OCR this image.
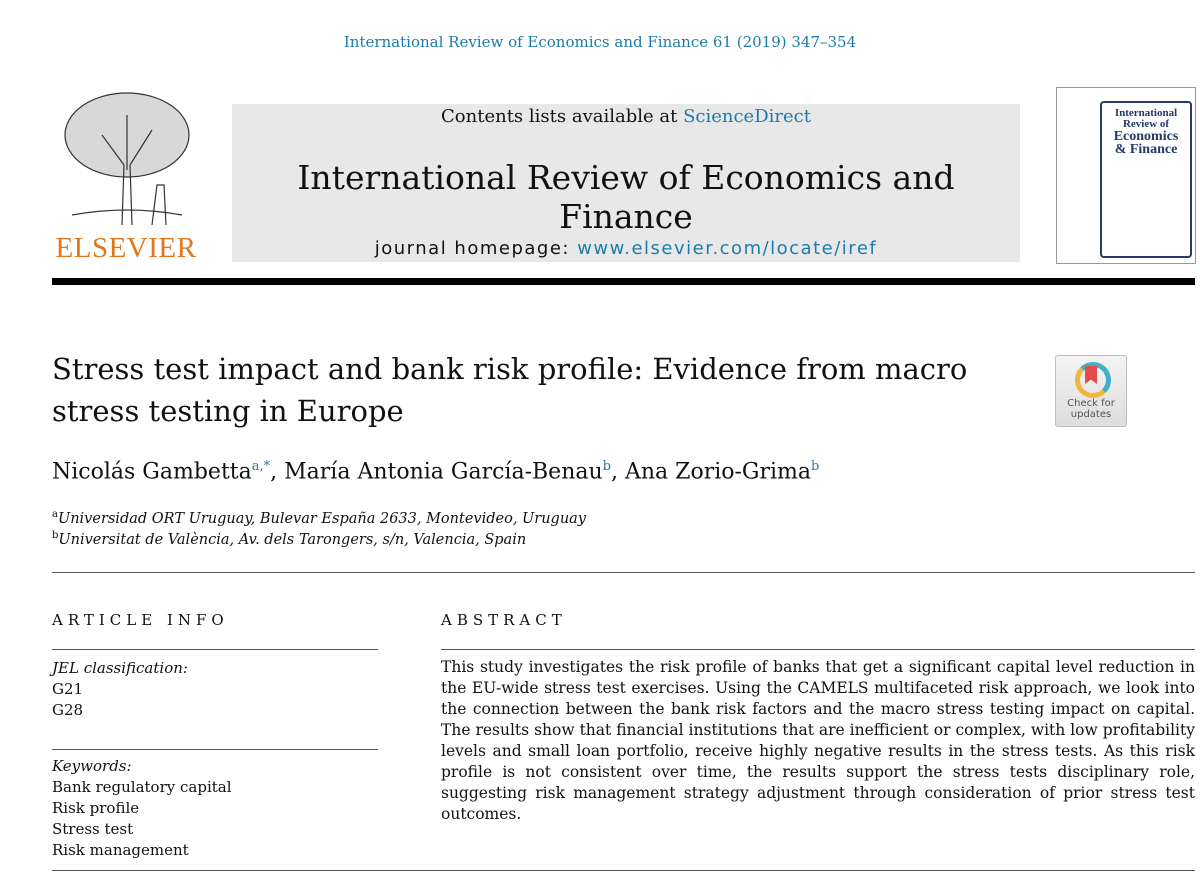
International Review of Economics and Finance 61 (2019) 347–354
ELSEVIER
Contents lists available at ScienceDirect
International Review of Economics and Finance
journal homepage: www.elsevier.com/locate/iref
International
Review of
Economics
& Finance
Stress test impact and bank risk profile: Evidence from macro stress testing in Europe	Check for
updates
Nicolás Gambetta$^{a,*}$, María Antonia García-Benau$^b$, Ana Zorio-Grima$^b$
$^a$Universidad ORT Uruguay, Bulevar España 2633, Montevideo, Uruguay
$^b$Universitat de València, Av. dels Tarongers, s/n, Valencia, Spain
ARTICLE INFO	ABSTRACT
JEL classification:
G21
G28
Keywords:
Bank regulatory capital
Risk profile
Stress test
Risk management
This study investigates the risk profile of banks that get a significant capital level reduction in the EU-wide stress test exercises. Using the CAMELS multifaceted risk approach, we look into the connection between the bank risk factors and the macro stress testing impact on capital. The results show that financial institutions that are inefficient or complex, with low profitability levels and small loan portfolio, receive highly negative results in the stress tests. As this risk profile is not consistent over time, the results support the stress tests disciplinary role, suggesting risk management strategy adjustment through consideration of prior stress test outcomes.
